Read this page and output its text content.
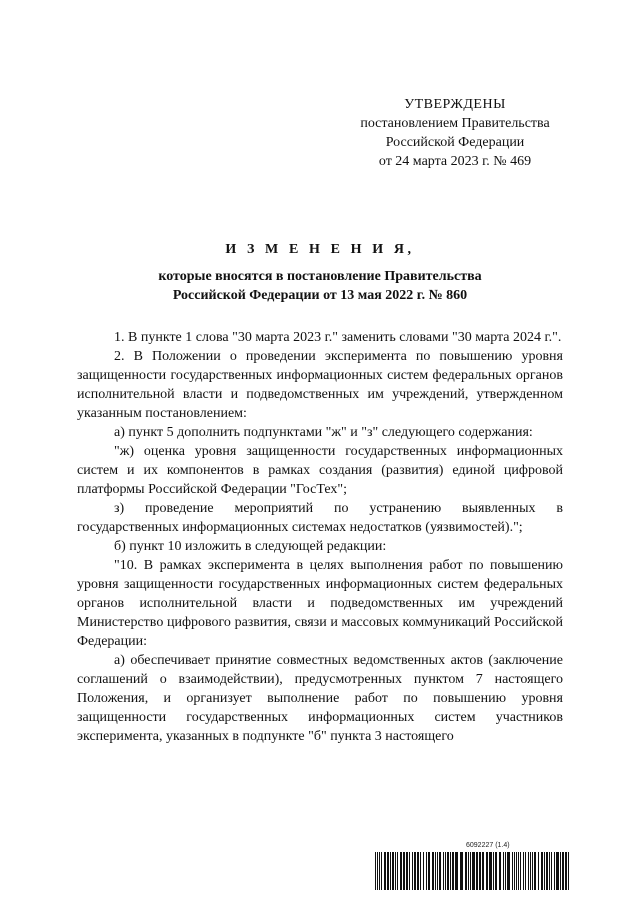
УТВЕРЖДЕНЫ
постановлением Правительства
Российской Федерации
от 24 марта 2023 г. № 469
И З М Е Н Е Н И Я,
которые вносятся в постановление Правительства
Российской Федерации от 13 мая 2022 г. № 860

1. В пункте 1 слова "30 марта 2023 г." заменить словами "30 марта 2024 г.".

2. В Положении о проведении эксперимента по повышению уровня защищенности государственных информационных систем федеральных органов исполнительной власти и подведомственных им учреждений, утвержденном указанным постановлением:

а) пункт 5 дополнить подпунктами "ж" и "з" следующего содержания:

"ж) оценка уровня защищенности государственных информационных систем и их компонентов в рамках создания (развития) единой цифровой платформы Российской Федерации "ГосТех";

з) проведение мероприятий по устранению выявленных в государственных информационных системах недостатков (уязвимостей).";

б) пункт 10 изложить в следующей редакции:

"10. В рамках эксперимента в целях выполнения работ по повышению уровня защищенности государственных информационных систем федеральных органов исполнительной власти и подведомственных им учреждений Министерство цифрового развития, связи и массовых коммуникаций Российской Федерации:

а) обеспечивает принятие совместных ведомственных актов (заключение соглашений о взаимодействии), предусмотренных пунктом 7 настоящего Положения, и организует выполнение работ по повышению уровня защищенности государственных информационных систем участников эксперимента, указанных в подпункте "б" пункта 3 настоящего

6092227 (1.4)
